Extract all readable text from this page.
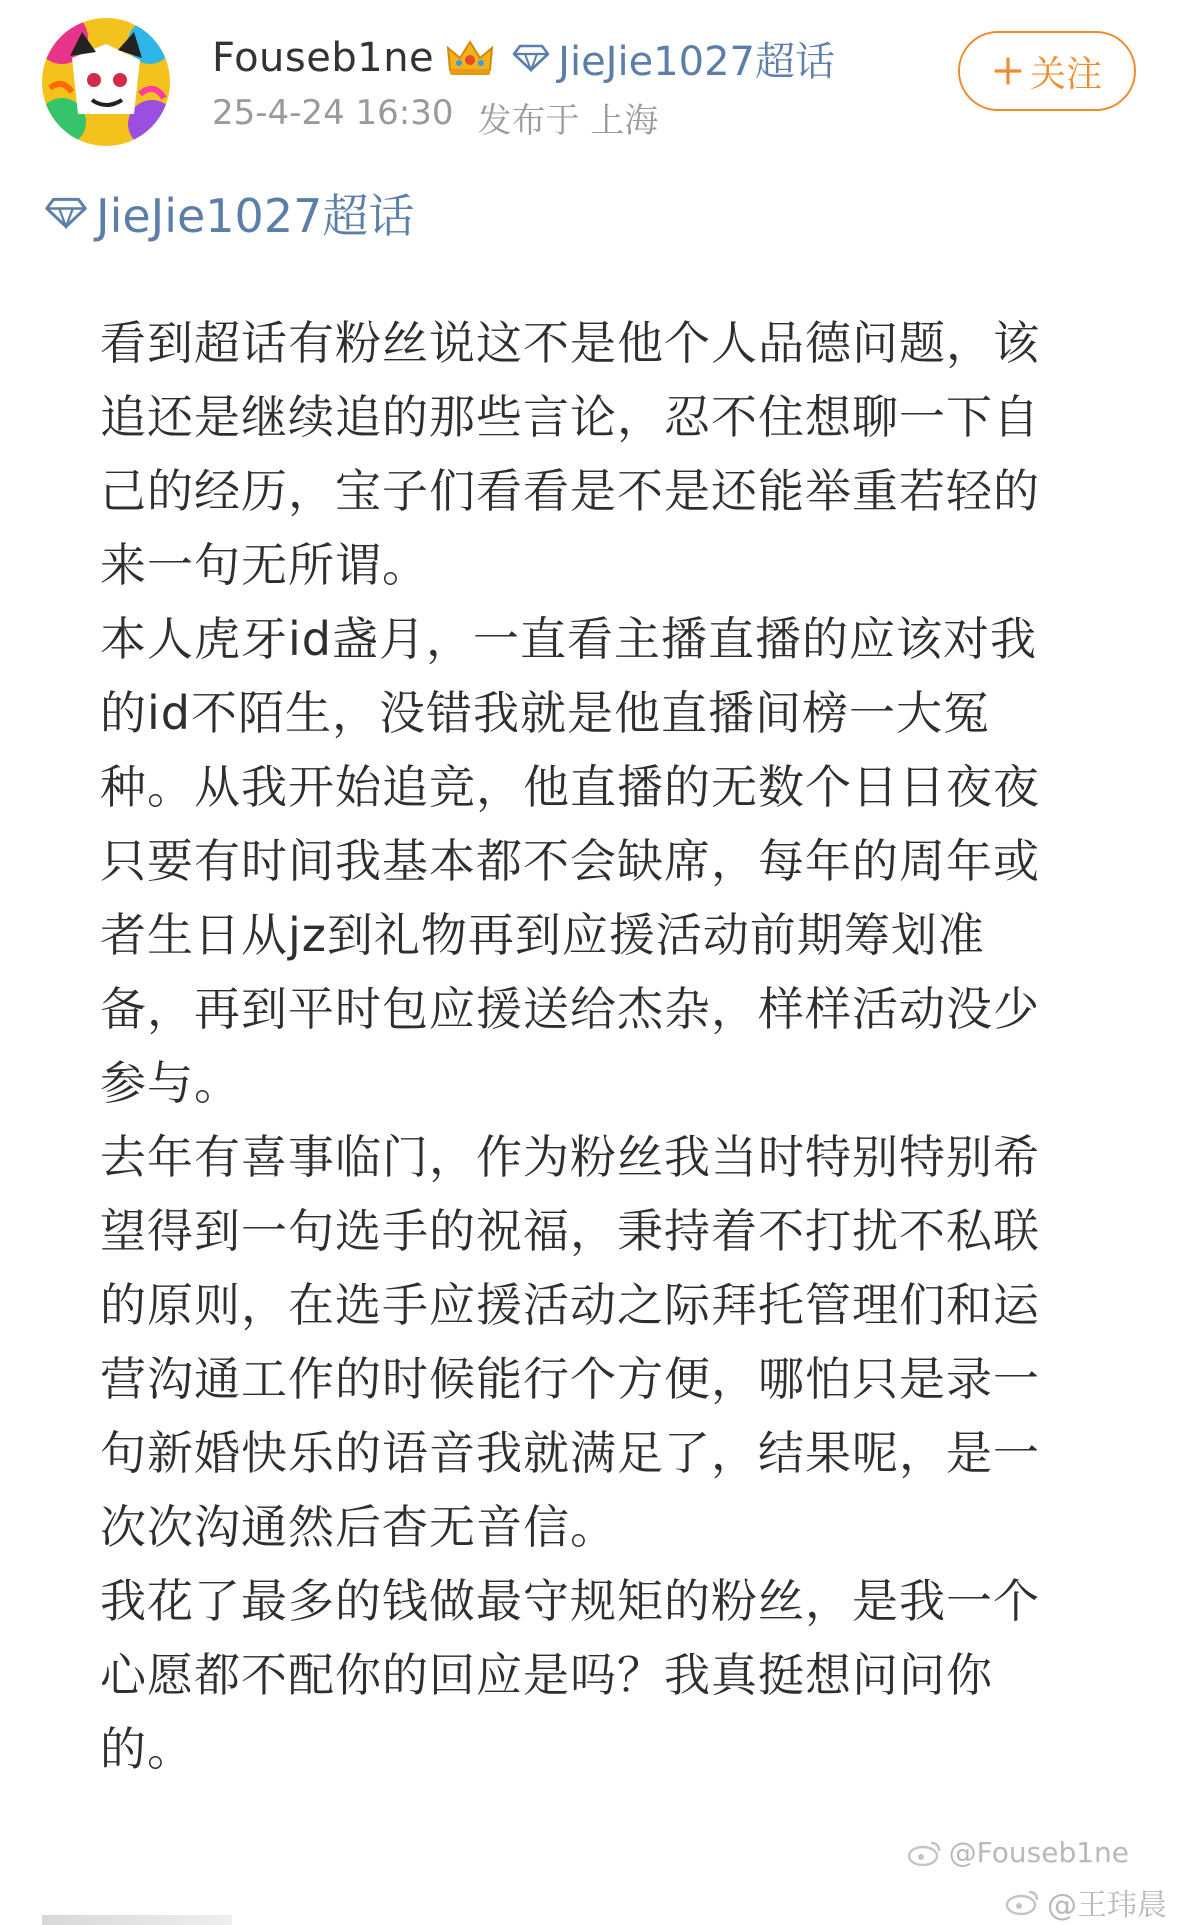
Fouseb1ne	JieJie1027超话
25-4-24 16:30 发布于 上海
关注
JieJie1027超话

看到超话有粉丝说这不是他个人品德问题，该追还是继续追的那些言论，忍不住想聊一下自己的经历，宝子们看看是不是还能举重若轻的来一句无所谓。

本人虎牙id盏月，一直看主播直播的应该对我的id不陌生，没错我就是他直播间榜一大冤种。从我开始追竞，他直播的无数个日日夜夜只要有时间我基本都不会缺席，每年的周年或者生日从jz到礼物再到应援活动前期筹划准备，再到平时包应援送给杰杂，样样活动没少参与。

去年有喜事临门，作为粉丝我当时特别特别希望得到一句选手的祝福，秉持着不打扰不私联的原则，在选手应援活动之际拜托管理们和运营沟通工作的时候能行个方便，哪怕只是录一句新婚快乐的语音我就满足了，结果呢，是一次次沟通然后杳无音信。

我花了最多的钱做最守规矩的粉丝，是我一个心愿都不配你的回应是吗？我真挺想问问你的。

@Fouseb1ne
@王玮晨
